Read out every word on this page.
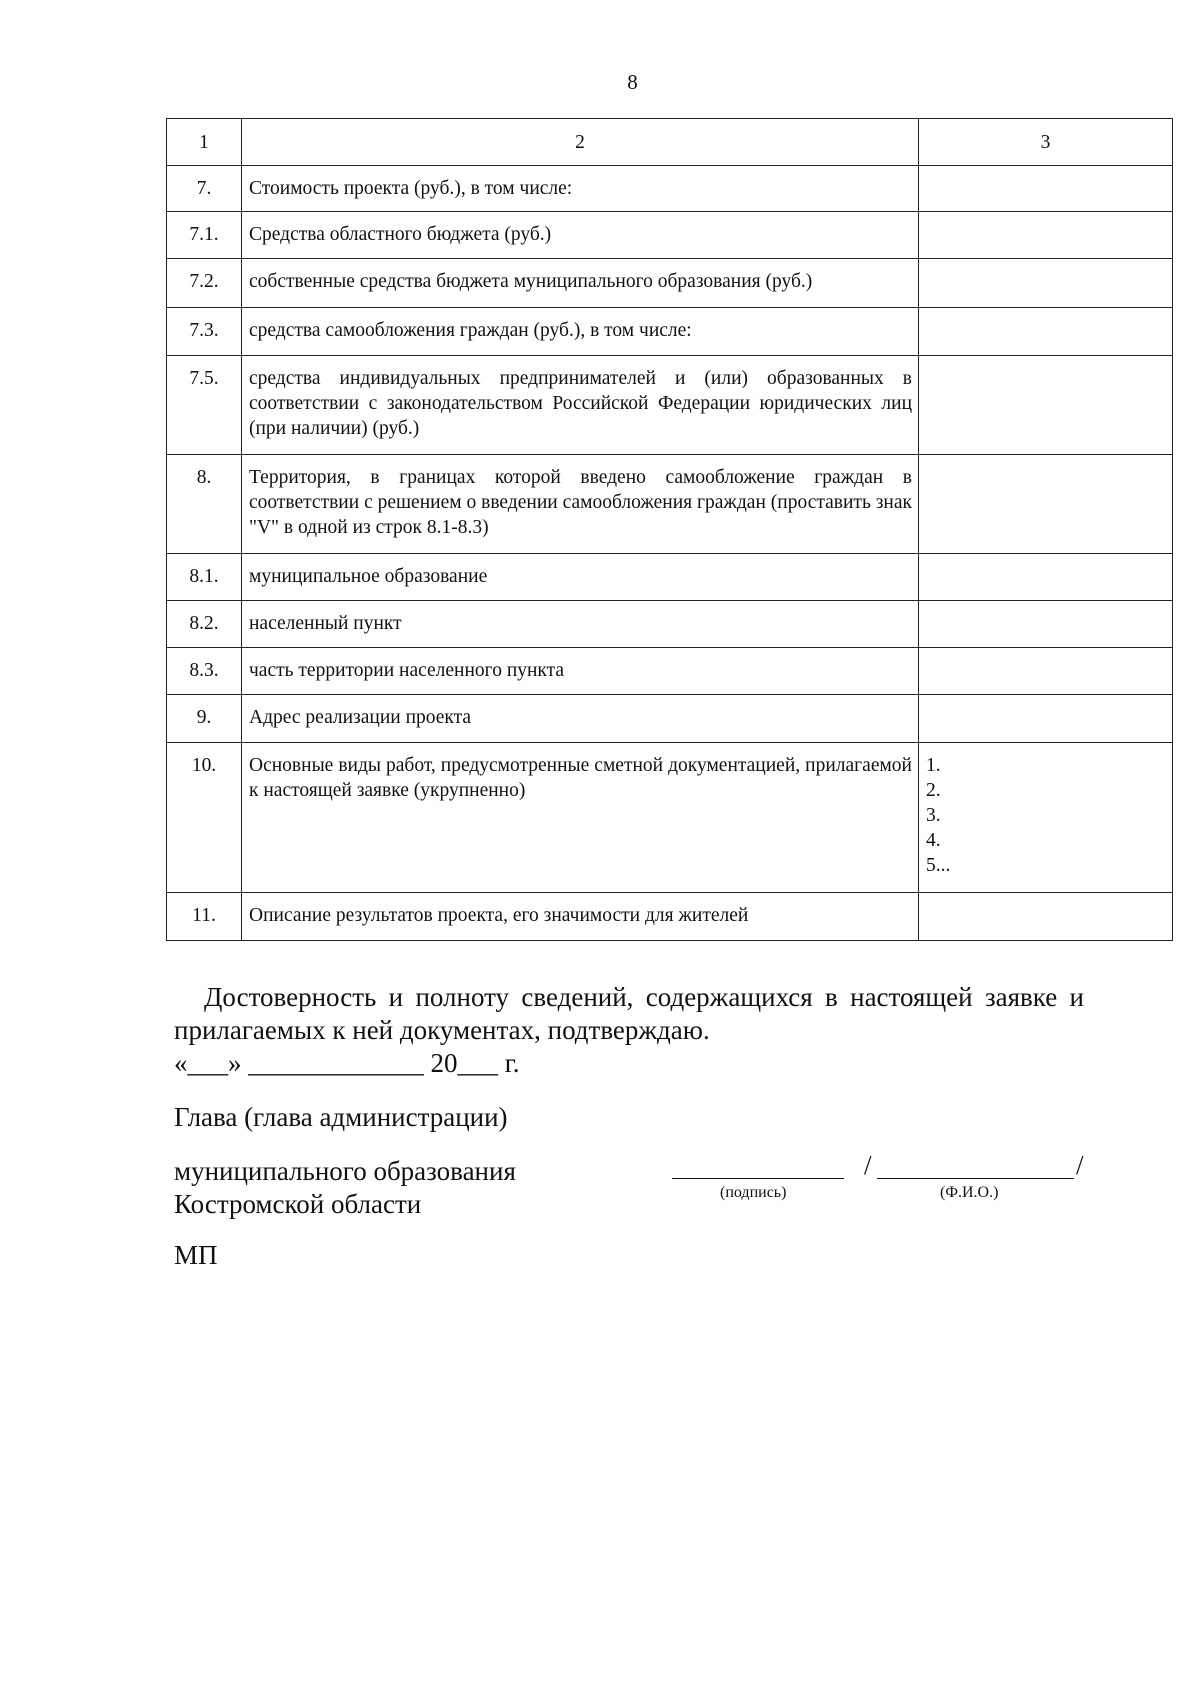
8
1	2	3
7.	Стоимость проекта (руб.), в том числе:	
7.1.	Средства областного бюджета (руб.)	
7.2.	собственные средства бюджета муниципального образования (руб.)	
7.3.	средства самообложения граждан (руб.), в том числе:	
7.5.	средства индивидуальных предпринимателей и (или) образованных в соответствии с законодательством Российской Федерации юридических лиц (при наличии) (руб.)	
8.	Территория, в границах которой введено самообложение граждан в соответствии с решением о введении самообложения граждан (проставить знак "V" в одной из строк 8.1-8.3)	
8.1.	муниципальное образование	
8.2.	населенный пункт	
8.3.	часть территории населенного пункта	
9.	Адрес реализации проекта	
10.	Основные виды работ, предусмотренные сметной документацией, прилагаемой к настоящей заявке (укрупненно)	1.
2.
3.
4.
5...

11.	Описание результатов проекта, его значимости для жителей	

Достоверность и полноту сведений, содержащихся в настоящей заявке и прилагаемых к ней документах, подтверждаю.

«___» _____________ 20___ г.

Глава (глава администрации)
муниципального образования
Костромской области
/	/
(подпись)	(Ф.И.О.)
МП
